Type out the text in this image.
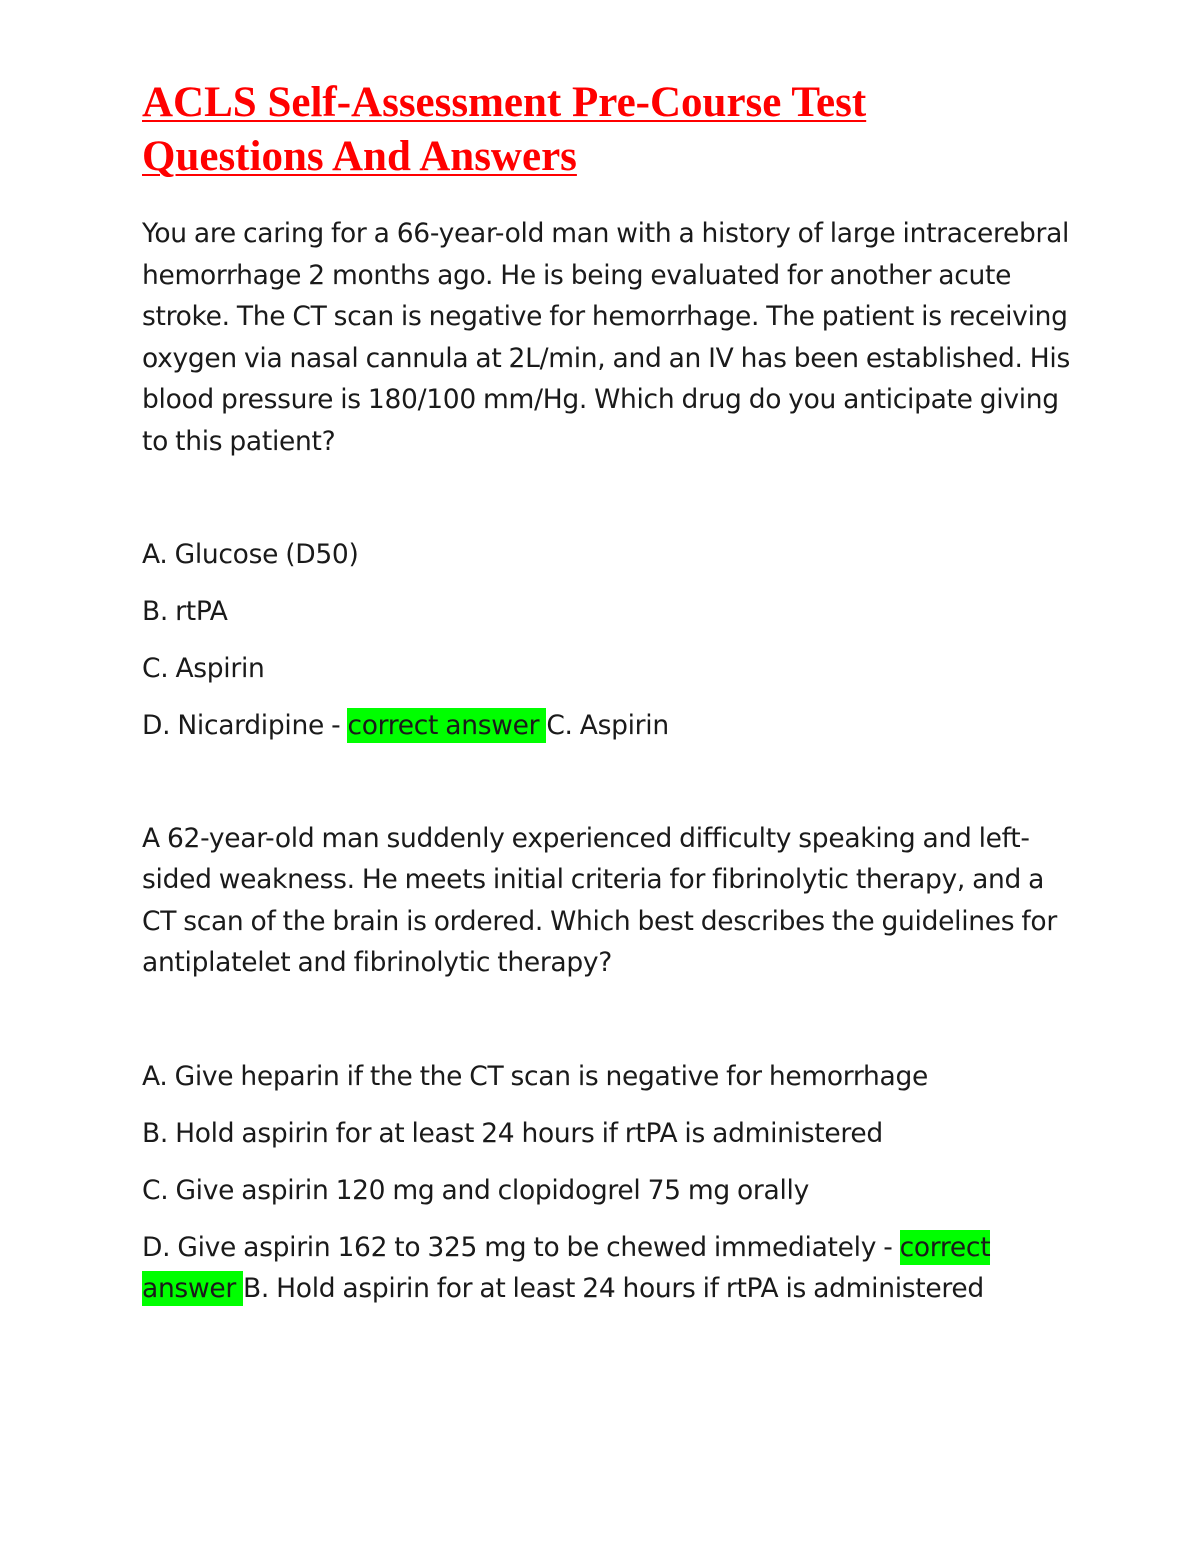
ACLS Self-Assessment Pre-Course Test
Questions And Answers

You are caring for a 66-year-old man with a history of large intracerebral hemorrhage 2 months ago. He is being evaluated for another acute stroke. The CT scan is negative for hemorrhage. The patient is receiving oxygen via nasal cannula at 2L/min, and an IV has been established. His blood pressure is 180/100 mm/Hg. Which drug do you anticipate giving to this patient?

A. Glucose (D50)
B. rtPA
C. Aspirin
D. Nicardipine - correct answer C. Aspirin

A 62-year-old man suddenly experienced difficulty speaking and left-sided weakness. He meets initial criteria for fibrinolytic therapy, and a CT scan of the brain is ordered. Which best describes the guidelines for antiplatelet and fibrinolytic therapy?

A. Give heparin if the the CT scan is negative for hemorrhage
B. Hold aspirin for at least 24 hours if rtPA is administered
C. Give aspirin 120 mg and clopidogrel 75 mg orally
D. Give aspirin 162 to 325 mg to be chewed immediately - correct answer B. Hold aspirin for at least 24 hours if rtPA is administered
